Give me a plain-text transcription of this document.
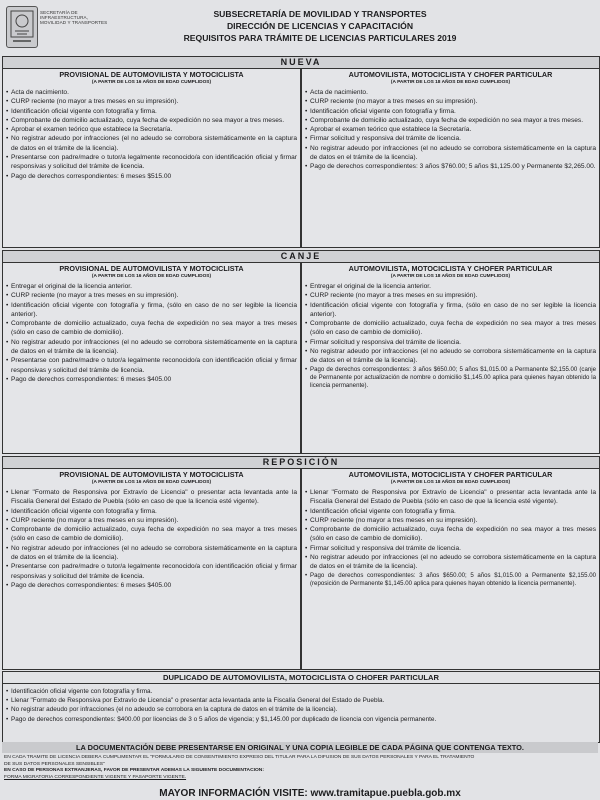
SECRETARÍA DE INFRAESTRUCTURA, MOVILIDAD Y TRANSPORTES
SUBSECRETARÍA DE MOVILIDAD Y TRANSPORTES
DIRECCIÓN DE LICENCIAS Y CAPACITACIÓN
REQUISITOS PARA TRÁMITE DE LICENCIAS PARTICULARES 2019
NUEVA
PROVISIONAL DE AUTOMOVILISTA Y MOTOCICLISTA
(A PARTIR DE LOS 16 AÑOS DE EDAD CUMPLIDOS)
• Acta de nacimiento.
• CURP reciente (no mayor a tres meses en su impresión).
• Identificación oficial vigente con fotografía y firma.
• Comprobante de domicilio actualizado, cuya fecha de expedición no sea mayor a tres meses.
• Aprobar el examen teórico que establece la Secretaría.
• No registrar adeudo por infracciones (el no adeudo se corrobora sistemáticamente en la captura de datos en el trámite de la licencia).
• Presentarse con padre/madre o tutor/a legalmente reconocido/a con identificación oficial y firmar responsivas y solicitud del trámite de licencia.
• Pago de derechos correspondientes: 6 meses $515.00
AUTOMOVILISTA, MOTOCICLISTA Y CHOFER PARTICULAR
(A PARTIR DE LOS 18 AÑOS DE EDAD CUMPLIDOS)
• Acta de nacimiento.
• CURP reciente (no mayor a tres meses en su impresión).
• Identificación oficial vigente con fotografía y firma.
• Comprobante de domicilio actualizado, cuya fecha de expedición no sea mayor a tres meses.
• Aprobar el examen teórico que establece la Secretaría.
• Firmar solicitud y responsiva del trámite de licencia.
• No registrar adeudo por infracciones (el no adeudo se corrobora sistemáticamente en la captura de datos en el trámite de la licencia).
• Pago de derechos correspondientes: 3 años $760.00; 5 años $1,125.00 y Permanente $2,265.00.
CANJE
PROVISIONAL DE AUTOMOVILISTA Y MOTOCICLISTA
(A PARTIR DE LOS 16 AÑOS DE EDAD CUMPLIDOS)
• Entregar el original de la licencia anterior.
• CURP reciente (no mayor a tres meses en su impresión).
• Identificación oficial vigente con fotografía y firma, (sólo en caso de no ser legible la licencia anterior).
• Comprobante de domicilio actualizado, cuya fecha de expedición no sea mayor a tres meses (sólo en caso de cambio de domicilio).
• No registrar adeudo por infracciones (el no adeudo se corrobora sistemáticamente en la captura de datos en el trámite de la licencia).
• Presentarse con padre/madre o tutor/a legalmente reconocido/a con identificación oficial y firmar responsivas y solicitud del trámite de licencia.
• Pago de derechos correspondientes: 6 meses $405.00
AUTOMOVILISTA, MOTOCICLISTA Y CHOFER PARTICULAR
(A PARTIR DE LOS 18 AÑOS DE EDAD CUMPLIDOS)
• Entregar el original de la licencia anterior.
• CURP reciente (no mayor a tres meses en su impresión).
• Identificación oficial vigente con fotografía y firma, (sólo en caso de no ser legible la licencia anterior).
• Comprobante de domicilio actualizado, cuya fecha de expedición no sea mayor a tres meses (sólo en caso de cambio de domicilio).
• Firmar solicitud y responsiva del trámite de licencia.
• No registrar adeudo por infracciones (el no adeudo se corrobora sistemáticamente en la captura de datos en el trámite de la licencia).
• Pago de derechos correspondientes: 3 años $650.00; 5 años $1,015.00 a Permanente $2,155.00 (canje de Permanente por actualización de nombre o domicilio $1,145.00 aplica para quienes hayan obtenido la licencia permanente).
REPOSICIÓN
PROVISIONAL DE AUTOMOVILISTA Y MOTOCICLISTA
(A PARTIR DE LOS 16 AÑOS DE EDAD CUMPLIDOS)
• Llenar "Formato de Responsiva por Extravío de Licencia" o presentar acta levantada ante la Fiscalía General del Estado de Puebla (sólo en caso de que la licencia esté vigente).
• Identificación oficial vigente con fotografía y firma.
• CURP reciente (no mayor a tres meses en su impresión).
• Comprobante de domicilio actualizado, cuya fecha de expedición no sea mayor a tres meses (sólo en caso de cambio de domicilio).
• No registrar adeudo por infracciones (el no adeudo se corrobora sistemáticamente en la captura de datos en el trámite de la licencia).
• Presentarse con padre/madre o tutor/a legalmente reconocido/a con identificación oficial y firmar responsivas y solicitud del trámite de licencia.
• Pago de derechos correspondientes: 6 meses $405.00
AUTOMOVILISTA, MOTOCICLISTA Y CHOFER PARTICULAR
(A PARTIR DE LOS 18 AÑOS DE EDAD CUMPLIDOS)
• Llenar "Formato de Responsiva por Extravío de Licencia" o presentar acta levantada ante la Fiscalía General del Estado de Puebla (sólo en caso de que la licencia esté vigente).
• Identificación oficial vigente con fotografía y firma.
• CURP reciente (no mayor a tres meses en su impresión).
• Comprobante de domicilio actualizado, cuya fecha de expedición no sea mayor a tres meses (sólo en caso de cambio de domicilio).
• Firmar solicitud y responsiva del trámite de licencia.
• No registrar adeudo por infracciones (el no adeudo se corrobora sistemáticamente en la captura de datos en el trámite de la licencia).
• Pago de derechos correspondientes: 3 años $650.00; 5 años $1,015.00 a Permanente $2,155.00 (reposición de Permanente $1,145.00 aplica para quienes hayan obtenido la licencia permanente).
DUPLICADO DE AUTOMOVILISTA, MOTOCICLISTA O CHOFER PARTICULAR
• Identificación oficial vigente con fotografía y firma.
• Llenar "Formato de Responsiva por Extravío de Licencia" o presentar acta levantada ante la Fiscalía General del Estado de Puebla.
• No registrar adeudo por infracciones (el no adeudo se corrobora en la captura de datos en el trámite de la licencia).
• Pago de derechos correspondientes: $400.00 por licencias de 3 o 5 años de vigencia; y $1,145.00 por duplicado de licencia con vigencia permanente.
LA DOCUMENTACIÓN DEBE PRESENTARSE EN ORIGINAL Y UNA COPIA LEGIBLE DE CADA PÁGINA QUE CONTENGA TEXTO.
EN CADA TRÁMITE DE LICENCIA DEBERÁ CUMPLIMENTAR EL "FORMULARIO DE CONSENTIMIENTO EXPRESO DEL TITULAR PARA LA DIFUSIÓN DE SUS DATOS PERSONALES Y PARA EL TRATAMIENTO
DE SUS DATOS PERSONALES SENSIBLES"
EN CASO DE PERSONAS EXTRANJERAS, FAVOR DE PRESENTAR ADEMÁS LA SIGUIENTE DOCUMENTACIÓN:
FORMA MIGRATORIA CORRESPONDIENTE VIGENTE Y PASAPORTE VIGENTE.
MAYOR INFORMACIÓN VISITE: www.tramitapue.puebla.gob.mx
